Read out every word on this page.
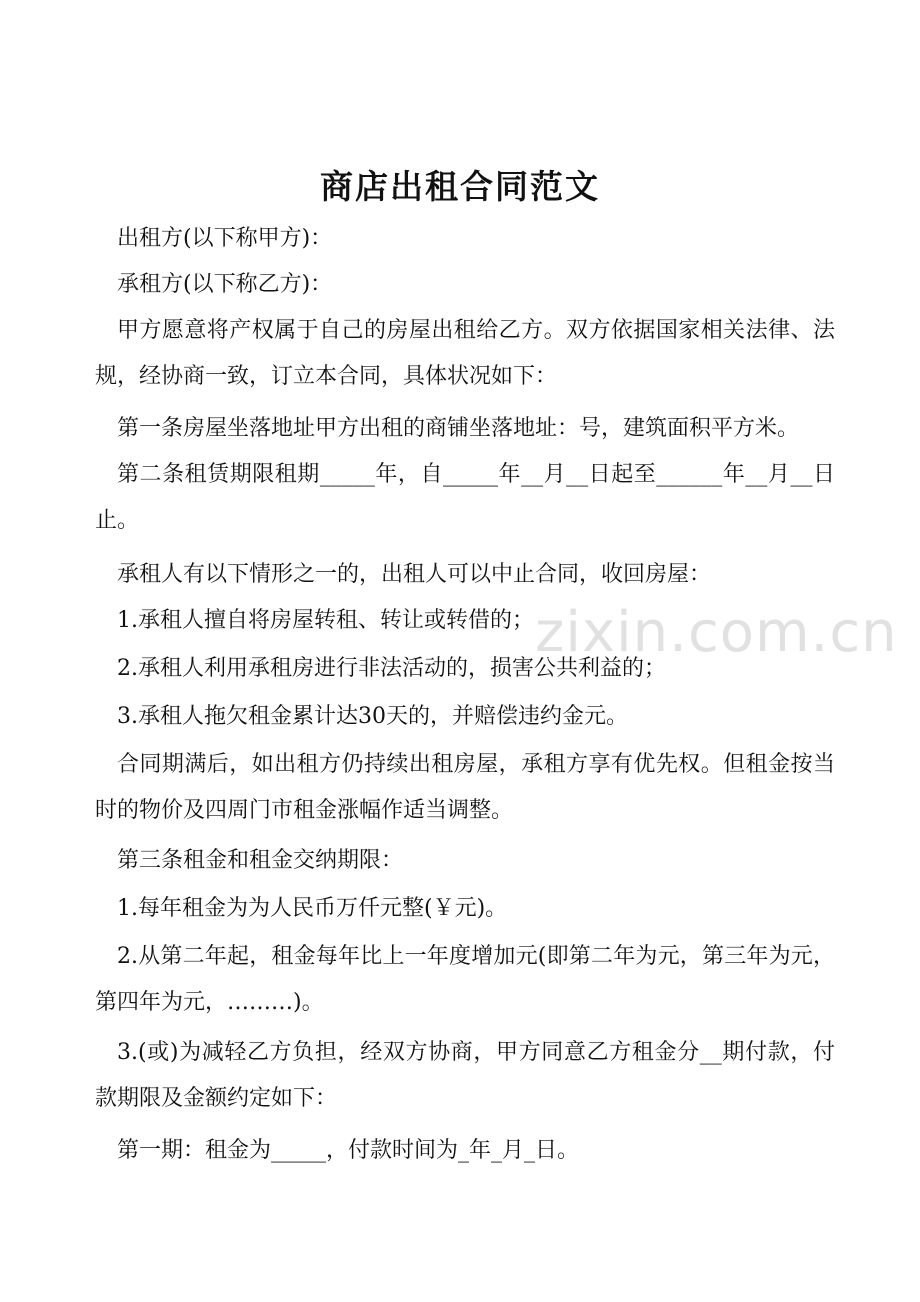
商店出租合同范文

出租方(以下称甲方)：

承租方(以下称乙方)：

甲方愿意将产权属于自己的房屋出租给乙方。双方依据国家相关法律、法规，经协商一致，订立本合同，具体状况如下：

第一条房屋坐落地址甲方出租的商铺坐落地址：号，建筑面积平方米。

第二条租赁期限租期_____年，自_____年__月__日起至______年__月__日止。

承租人有以下情形之一的，出租人可以中止合同，收回房屋：

1.承租人擅自将房屋转租、转让或转借的；

2.承租人利用承租房进行非法活动的，损害公共利益的；

3.承租人拖欠租金累计达30天的，并赔偿违约金元。

合同期满后，如出租方仍持续出租房屋，承租方享有优先权。但租金按当时的物价及四周门市租金涨幅作适当调整。

第三条租金和租金交纳期限：

1.每年租金为为人民币万仟元整(￥元)。

2.从第二年起，租金每年比上一年度增加元(即第二年为元，第三年为元，第四年为元，………)。

3.(或)为减轻乙方负担，经双方协商，甲方同意乙方租金分__期付款，付款期限及金额约定如下：

第一期：租金为_____，付款时间为_年_月_日。

zixin.com.cn
